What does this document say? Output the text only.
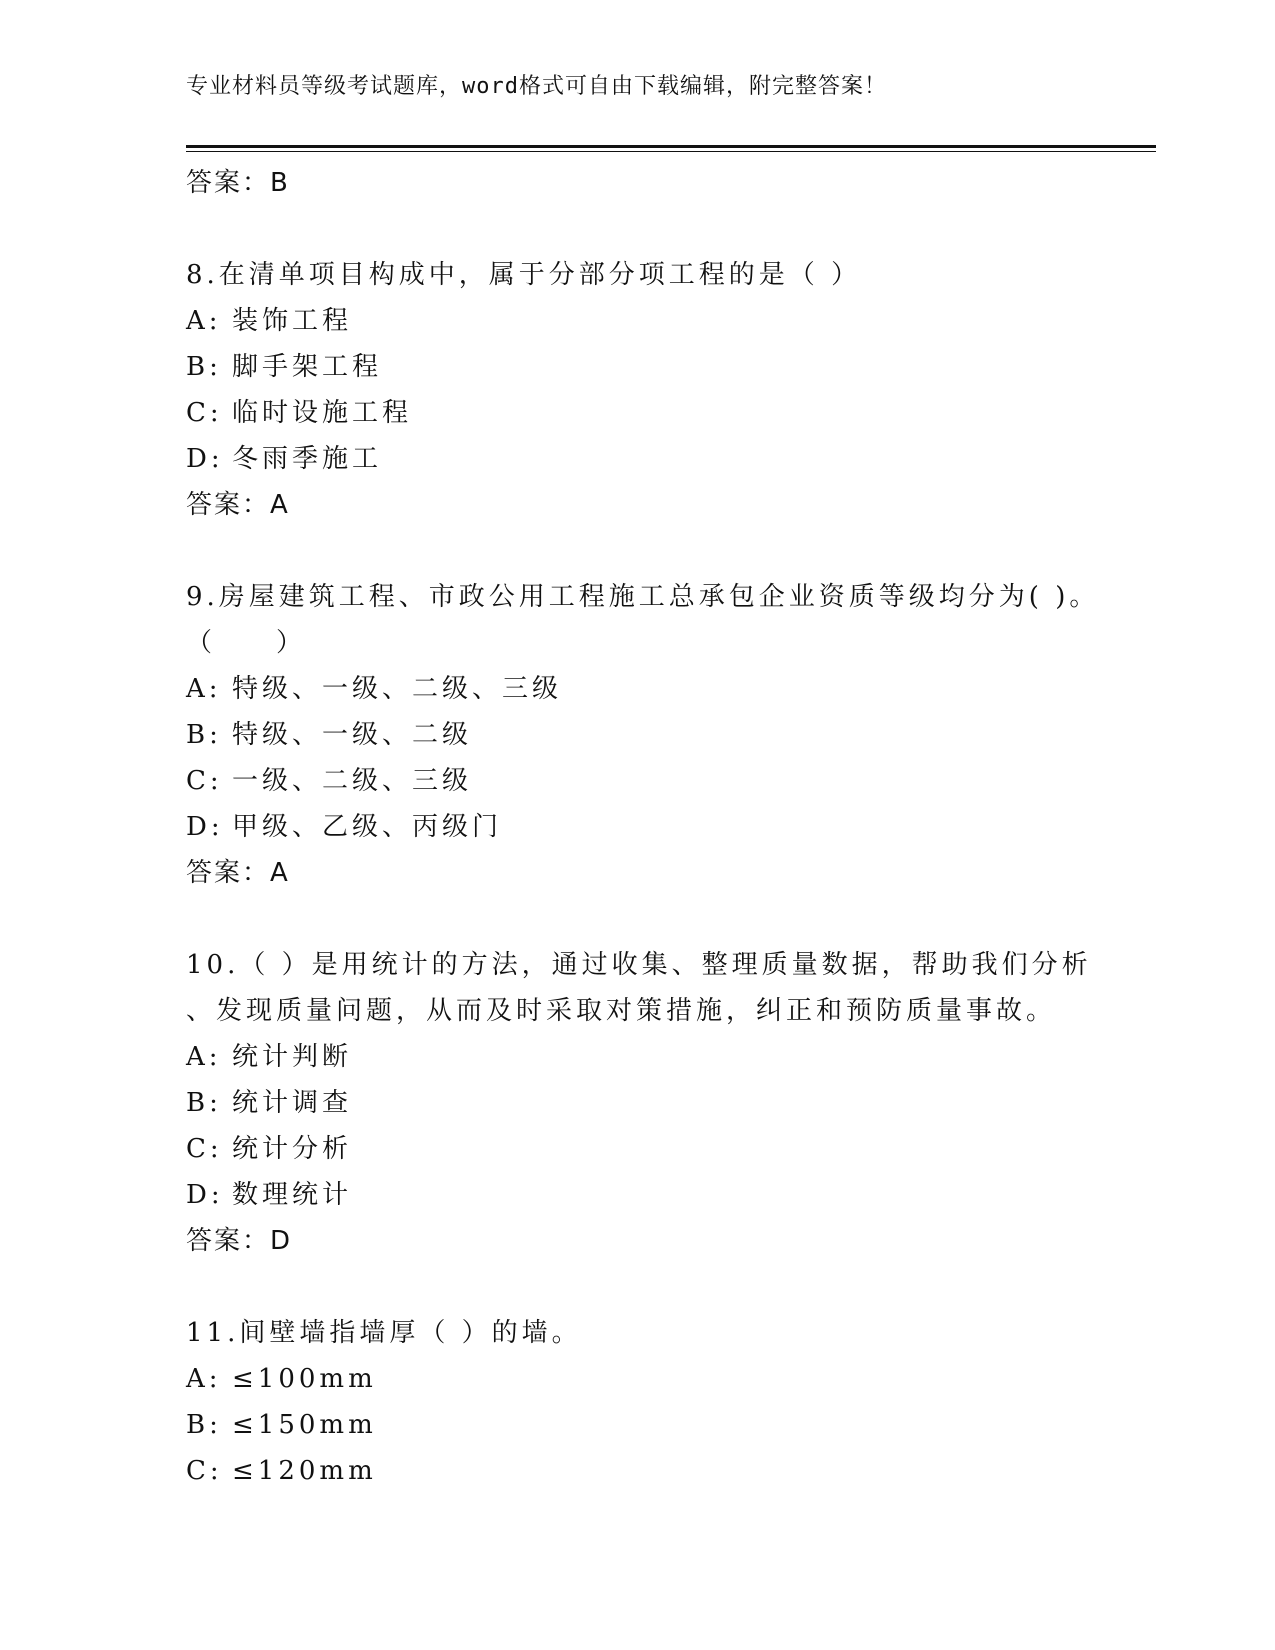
专业材料员等级考试题库，word格式可自由下载编辑，附完整答案！
答案：B
8.在清单项目构成中，属于分部分项工程的是（ ）
A: 装饰工程
B: 脚手架工程
C: 临时设施工程
D: 冬雨季施工
答案：A
9.房屋建筑工程、市政公用工程施工总承包企业资质等级均分为( )。
（　　）
A: 特级、一级、二级、三级
B: 特级、一级、二级
C: 一级、二级、三级
D: 甲级、乙级、丙级门
答案：A
10.（ ）是用统计的方法，通过收集、整理质量数据，帮助我们分析
、发现质量问题，从而及时采取对策措施，纠正和预防质量事故。
A: 统计判断
B: 统计调查
C: 统计分析
D: 数理统计
答案：D
11.间壁墙指墙厚（ ）的墙。
A: ≤100mm
B: ≤150mm
C: ≤120mm
